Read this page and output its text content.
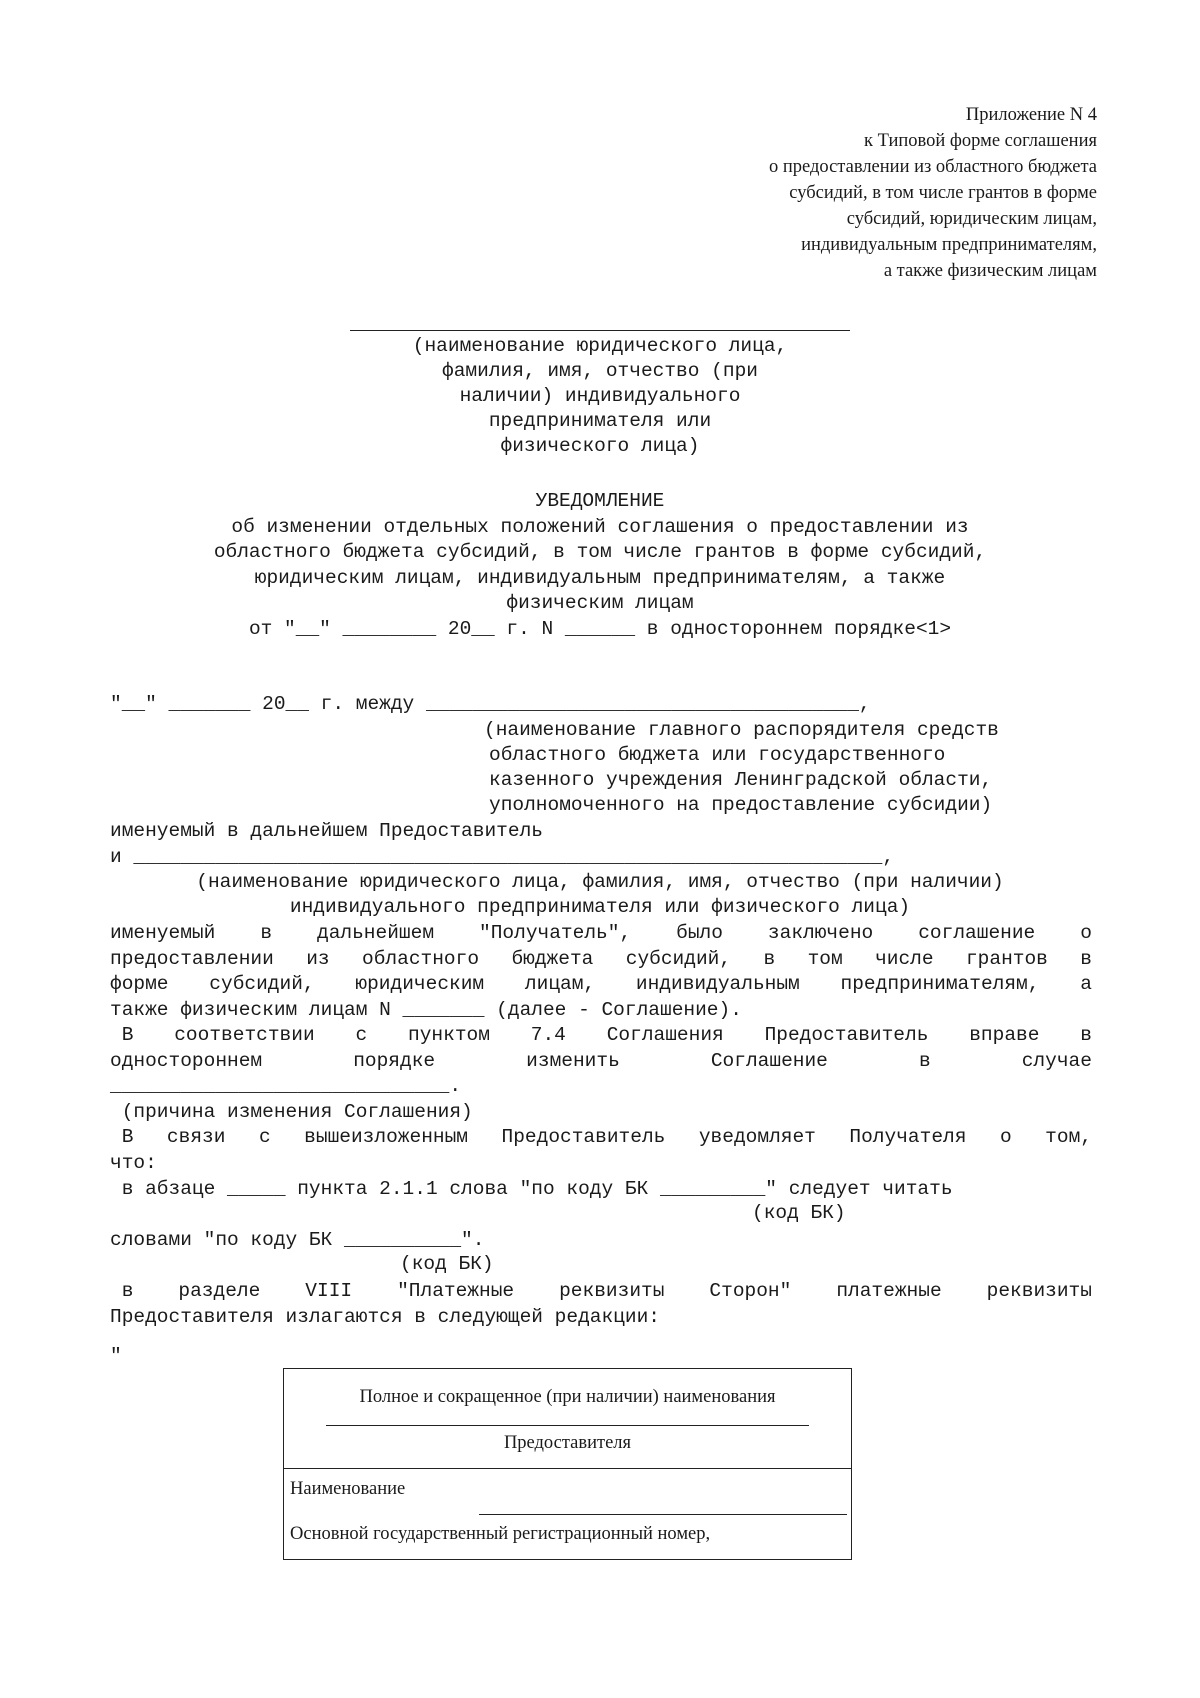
Приложение N 4
к Типовой форме соглашения
о предоставлении из областного бюджета
субсидий, в том числе грантов в форме
субсидий, юридическим лицам,
индивидуальным предпринимателям,
а также физическим лицам
(наименование юридического лица,
фамилия, имя, отчество (при
наличии) индивидуального
предпринимателя или
физического лица)
УВЕДОМЛЕНИЕ
об изменении отдельных положений соглашения о предоставлении из
областного бюджета субсидий, в том числе грантов в форме субсидий,
юридическим лицам, индивидуальным предпринимателям, а также
физическим лицам
от "__" ________ 20__ г. N ______ в одностороннем порядке<1>
"__" _______ 20__ г. между _____________________________________,
(наименование главного распорядителя средств
областного бюджета или государственного
казенного учреждения Ленинградской области,
уполномоченного на предоставление субсидии)
именуемый в дальнейшем Предоставитель
и ________________________________________________________________,
(наименование юридического лица, фамилия, имя, отчество (при наличии)
индивидуального предпринимателя или физического лица)
именуемый в дальнейшем "Получатель", было заключено соглашение о
предоставлении из областного бюджета субсидий, в том числе грантов в
форме субсидий, юридическим лицам, индивидуальным предпринимателям, а
также физическим лицам N _______ (далее - Соглашение).
В соответствии с пунктом 7.4 Соглашения Предоставитель вправе в
одностороннем	порядке	изменить	Соглашение	в	случае
_____________________________.
(причина изменения Соглашения)
В связи с вышеизложенным Предоставитель уведомляет Получателя о том,
что:
в абзаце _____ пункта 2.1.1 слова "по коду БК _________" следует читать
(код БК)
словами "по коду БК __________".
(код БК)
в разделе VIII "Платежные реквизиты Сторон" платежные реквизиты
Предоставителя излагаются в следующей редакции:
"
Полное и сокращенное (при наличии) наименования
Предоставителя
Наименование
Основной государственный регистрационный номер,
